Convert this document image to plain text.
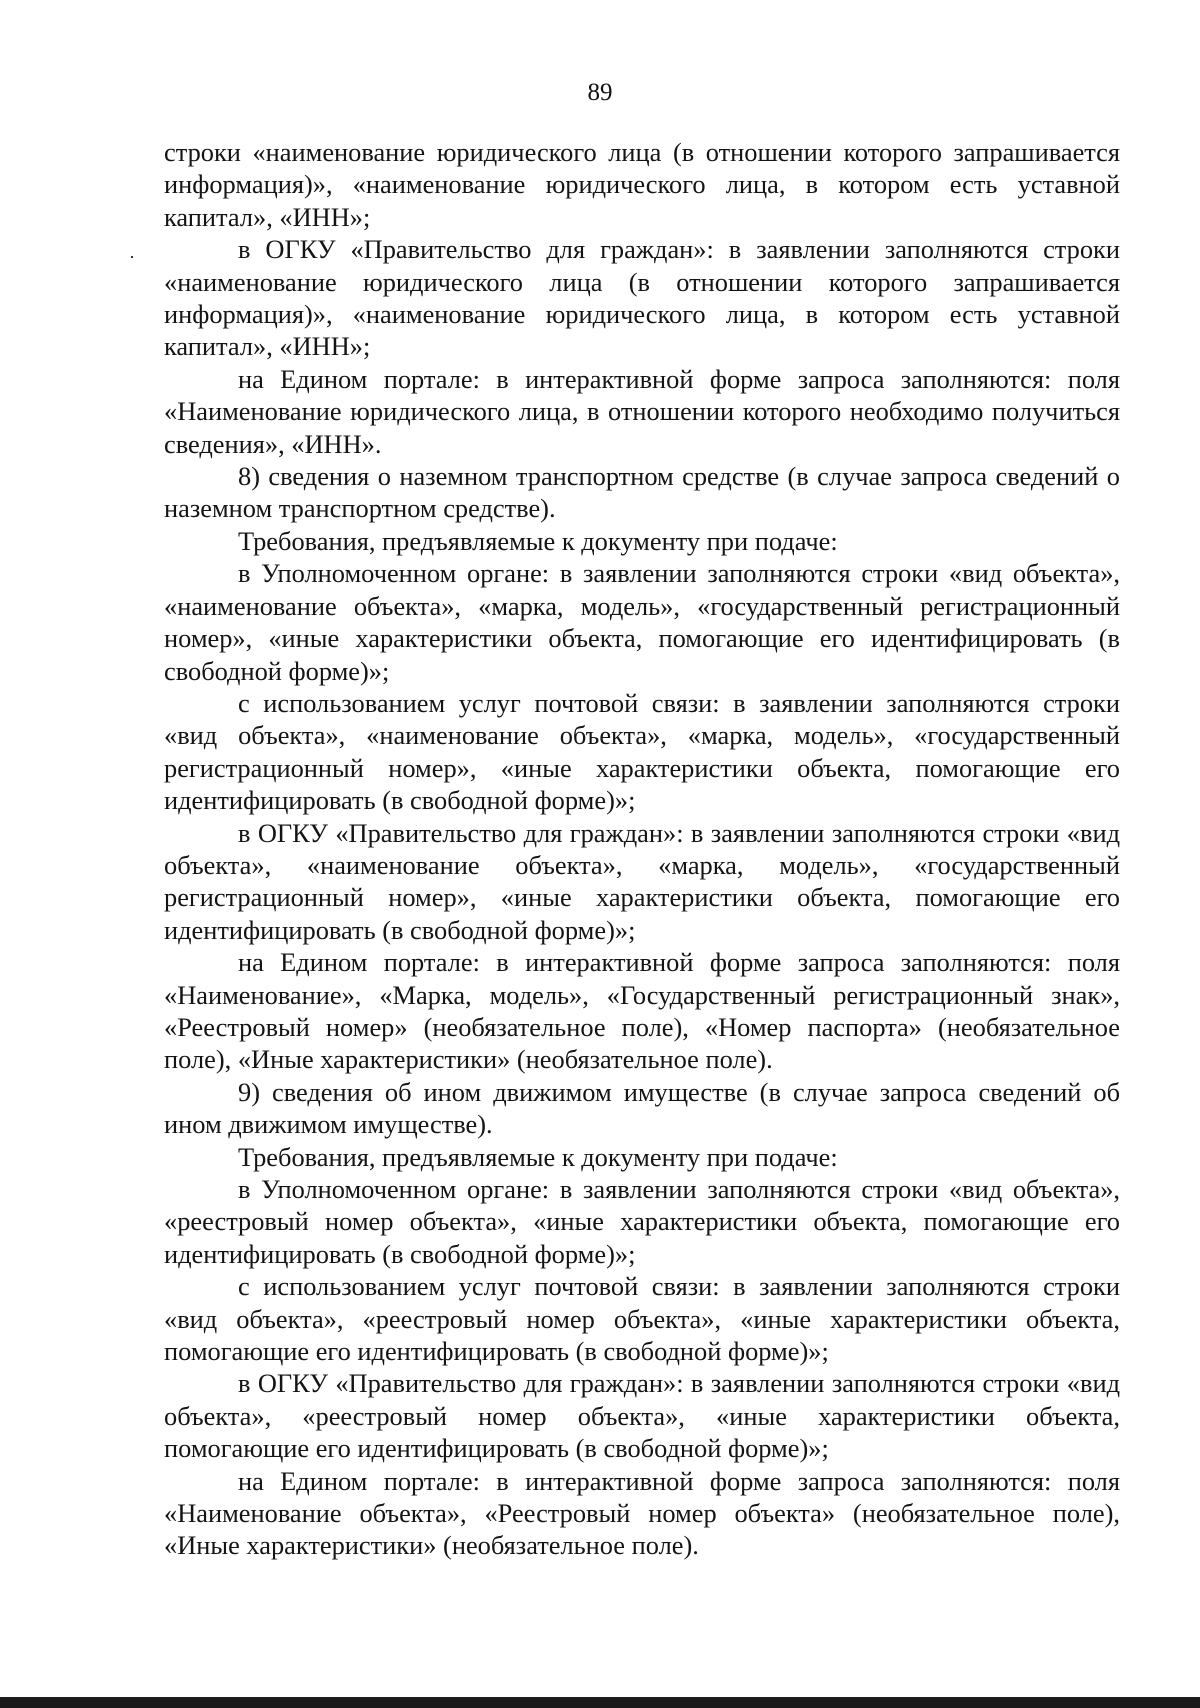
89

строки «наименование юридического лица (в отношении которого запрашивается информация)», «наименование юридического лица, в котором есть уставной капитал», «ИНН»;

в ОГКУ «Правительство для граждан»: в заявлении заполняются строки «наименование юридического лица (в отношении которого запрашивается информация)», «наименование юридического лица, в котором есть уставной капитал», «ИНН»;

на Едином портале: в интерактивной форме запроса заполняются: поля «Наименование юридического лица, в отношении которого необходимо получиться сведения», «ИНН».

8) сведения о наземном транспортном средстве (в случае запроса сведений о наземном транспортном средстве).

Требования, предъявляемые к документу при подаче:

в Уполномоченном органе: в заявлении заполняются строки «вид объекта», «наименование объекта», «марка, модель», «государственный регистрационный номер», «иные характеристики объекта, помогающие его идентифицировать (в свободной форме)»;

с использованием услуг почтовой связи: в заявлении заполняются строки «вид объекта», «наименование объекта», «марка, модель», «государственный регистрационный номер», «иные характеристики объекта, помогающие его идентифицировать (в свободной форме)»;

в ОГКУ «Правительство для граждан»: в заявлении заполняются строки «вид объекта», «наименование объекта», «марка, модель», «государственный регистрационный номер», «иные характеристики объекта, помогающие его идентифицировать (в свободной форме)»;

на Едином портале: в интерактивной форме запроса заполняются: поля «Наименование», «Марка, модель», «Государственный регистрационный знак», «Реестровый номер» (необязательное поле), «Номер паспорта» (необязательное поле), «Иные характеристики» (необязательное поле).

9) сведения об ином движимом имуществе (в случае запроса сведений об ином движимом имуществе).

Требования, предъявляемые к документу при подаче:

в Уполномоченном органе: в заявлении заполняются строки «вид объекта», «реестровый номер объекта», «иные характеристики объекта, помогающие его идентифицировать (в свободной форме)»;

с использованием услуг почтовой связи: в заявлении заполняются строки «вид объекта», «реестровый номер объекта», «иные характеристики объекта, помогающие его идентифицировать (в свободной форме)»;

в ОГКУ «Правительство для граждан»: в заявлении заполняются строки «вид объекта», «реестровый номер объекта», «иные характеристики объекта, помогающие его идентифицировать (в свободной форме)»;

на Едином портале: в интерактивной форме запроса заполняются: поля «Наименование объекта», «Реестровый номер объекта» (необязательное поле), «Иные характеристики» (необязательное поле).
